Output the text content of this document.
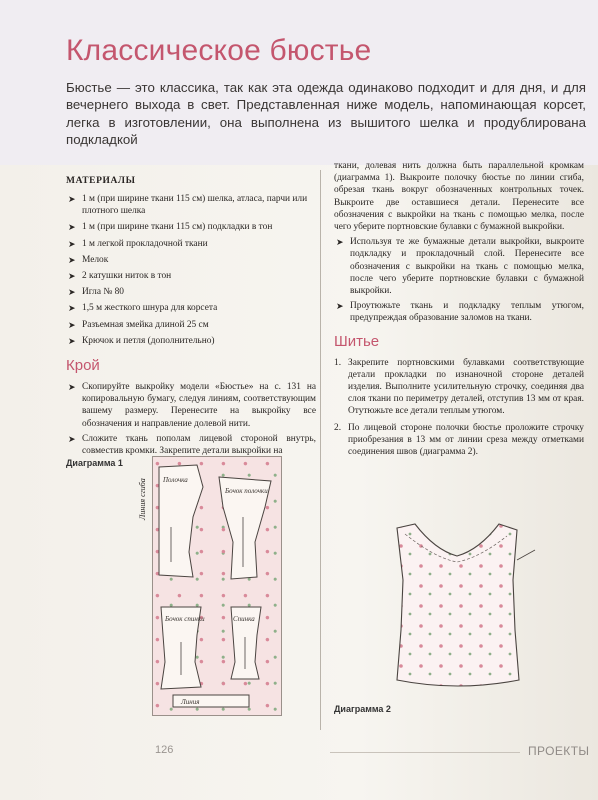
Классическое бюстье
Бюстье — это классика, так как эта одежда одинаково подходит и для дня, и для вечернего выхода в свет. Представленная ниже модель, напоминающая корсет, легка в изготовлении, она выполнена из вышитого шелка и продублирована подкладкой
МАТЕРИАЛЫ
➤ 1 м (при ширине ткани 115 см) шелка, атласа, парчи или плотного шелка
➤ 1 м (при ширине ткани 115 см) подкладки в тон
➤ 1 м легкой прокладочной ткани
➤ Мелок
➤ 2 катушки ниток в тон
➤ Игла № 80
➤ 1,5 м жесткого шнура для корсета
➤ Разъемная змейка длиной 25 см
➤ Крючок и петля (дополнительно)
Крой
➤ Скопируйте выкройку модели «Бюстье» на с. 131 на копировальную бумагу, следуя линиям, соответствующим вашему размеру. Перенесите на выкройку все обозначения и направление долевой нити.
➤ Сложите ткань пополам лицевой стороной внутрь, совместив кромки. Закрепите детали выкройки на
Диаграмма 1
Линия сгиба Полочка
Бочок полочки
Бочок спинки	Спинка
Линия
ткани, долевая нить должна быть параллельной кромкам (диаграмма 1). Выкроите полочку бюстье по линии сгиба, обрезая ткань вокруг обозначенных контрольных точек. Выкроите две оставшиеся детали. Перенесите все обозначения с выкройки на ткань с помощью мелка, после чего уберите портновские булавки с бумажной выкройки.
➤ Используя те же бумажные детали выкройки, выкроите подкладку и прокладочный слой. Перенесите все обозначения с выкройки на ткань с помощью мелка, после чего уберите портновские булавки с бумажной выкройки.
➤ Проутюжьте ткань и подкладку теплым утюгом, предупреждая образование заломов на ткани.
Шитье
1. Закрепите портновскими булавками соответствующие детали прокладки по изнаночной стороне деталей изделия. Выполните усилительную строчку, соединяя два слоя ткани по периметру деталей, отступив 13 мм от края. Отутюжьте все детали теплым утюгом.
2. По лицевой стороне полочки бюстье проложите строчку приобрезания в 13 мм от линии среза между отметками соединения швов (диаграмма 2).
Диаграмма 2
126	ПРОЕКТЫ
